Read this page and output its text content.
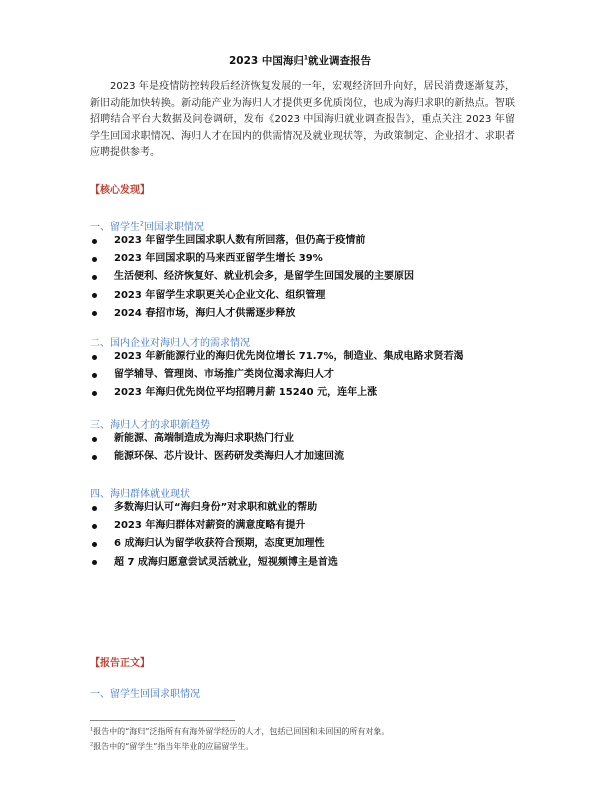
2023 中国海归$^1$就业调查报告
2023 年是疫情防控转段后经济恢复发展的一年，宏观经济回升向好，居民消费逐渐复苏，新旧动能加快转换。新动能产业为海归人才提供更多优质岗位，也成为海归求职的新热点。智联招聘结合平台大数据及问卷调研，发布《2023 中国海归就业调查报告》，重点关注 2023 年留学生回国求职情况、海归人才在国内的供需情况及就业现状等，为政策制定、企业招才、求职者应聘提供参考。
【核心发现】
一、留学生$^2$回国求职情况
2023 年留学生回国求职人数有所回落，但仍高于疫情前
2023 年回国求职的马来西亚留学生增长 39%
生活便利、经济恢复好、就业机会多，是留学生回国发展的主要原因
2023 年留学生求职更关心企业文化、组织管理
2024 春招市场，海归人才供需逐步释放
二、国内企业对海归人才的需求情况
2023 年新能源行业的海归优先岗位增长 71.7%，制造业、集成电路求贤若渴
留学辅导、管理岗、市场推广类岗位渴求海归人才
2023 年海归优先岗位平均招聘月薪 15240 元，连年上涨
三、海归人才的求职新趋势
新能源、高端制造成为海归求职热门行业
能源环保、芯片设计、医药研发类海归人才加速回流
四、海归群体就业现状
多数海归认可“海归身份”对求职和就业的帮助
2023 年海归群体对薪资的满意度略有提升
6 成海归认为留学收获符合预期，态度更加理性
超 7 成海归愿意尝试灵活就业，短视频博主是首选
【报告正文】
一、留学生回国求职情况
$^1$报告中的“海归”泛指所有有海外留学经历的人才，包括已回国和未回国的所有对象。
$^2$报告中的“留学生”指当年毕业的应届留学生。
